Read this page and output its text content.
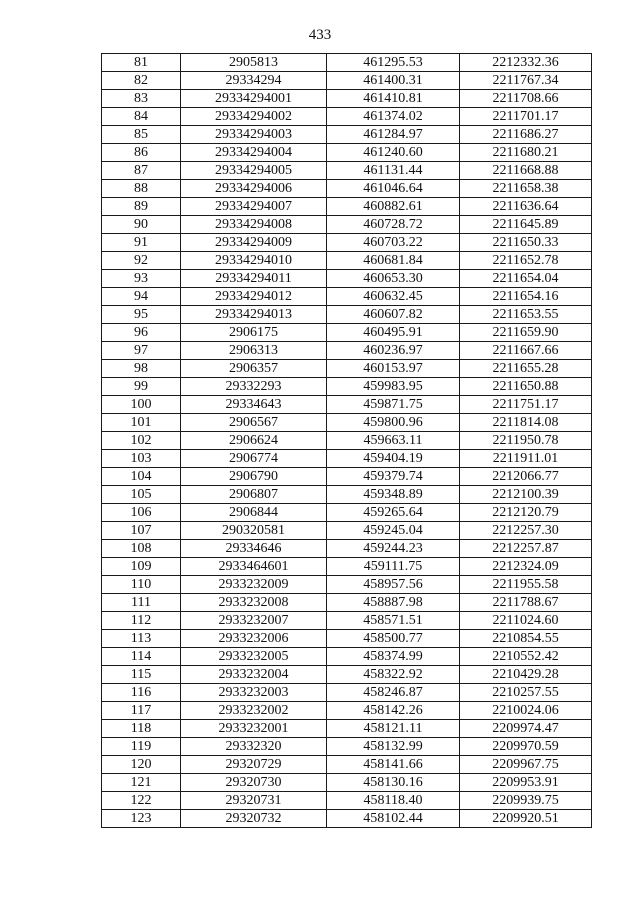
433
81	2905813	461295.53	2212332.36
82	29334294	461400.31	2211767.34
83	29334294001	461410.81	2211708.66
84	29334294002	461374.02	2211701.17
85	29334294003	461284.97	2211686.27
86	29334294004	461240.60	2211680.21
87	29334294005	461131.44	2211668.88
88	29334294006	461046.64	2211658.38
89	29334294007	460882.61	2211636.64
90	29334294008	460728.72	2211645.89
91	29334294009	460703.22	2211650.33
92	29334294010	460681.84	2211652.78
93	29334294011	460653.30	2211654.04
94	29334294012	460632.45	2211654.16
95	29334294013	460607.82	2211653.55
96	2906175	460495.91	2211659.90
97	2906313	460236.97	2211667.66
98	2906357	460153.97	2211655.28
99	29332293	459983.95	2211650.88
100	29334643	459871.75	2211751.17
101	2906567	459800.96	2211814.08
102	2906624	459663.11	2211950.78
103	2906774	459404.19	2211911.01
104	2906790	459379.74	2212066.77
105	2906807	459348.89	2212100.39
106	2906844	459265.64	2212120.79
107	290320581	459245.04	2212257.30
108	29334646	459244.23	2212257.87
109	2933464601	459111.75	2212324.09
110	2933232009	458957.56	2211955.58
111	2933232008	458887.98	2211788.67
112	2933232007	458571.51	2211024.60
113	2933232006	458500.77	2210854.55
114	2933232005	458374.99	2210552.42
115	2933232004	458322.92	2210429.28
116	2933232003	458246.87	2210257.55
117	2933232002	458142.26	2210024.06
118	2933232001	458121.11	2209974.47
119	29332320	458132.99	2209970.59
120	29320729	458141.66	2209967.75
121	29320730	458130.16	2209953.91
122	29320731	458118.40	2209939.75
123	29320732	458102.44	2209920.51
